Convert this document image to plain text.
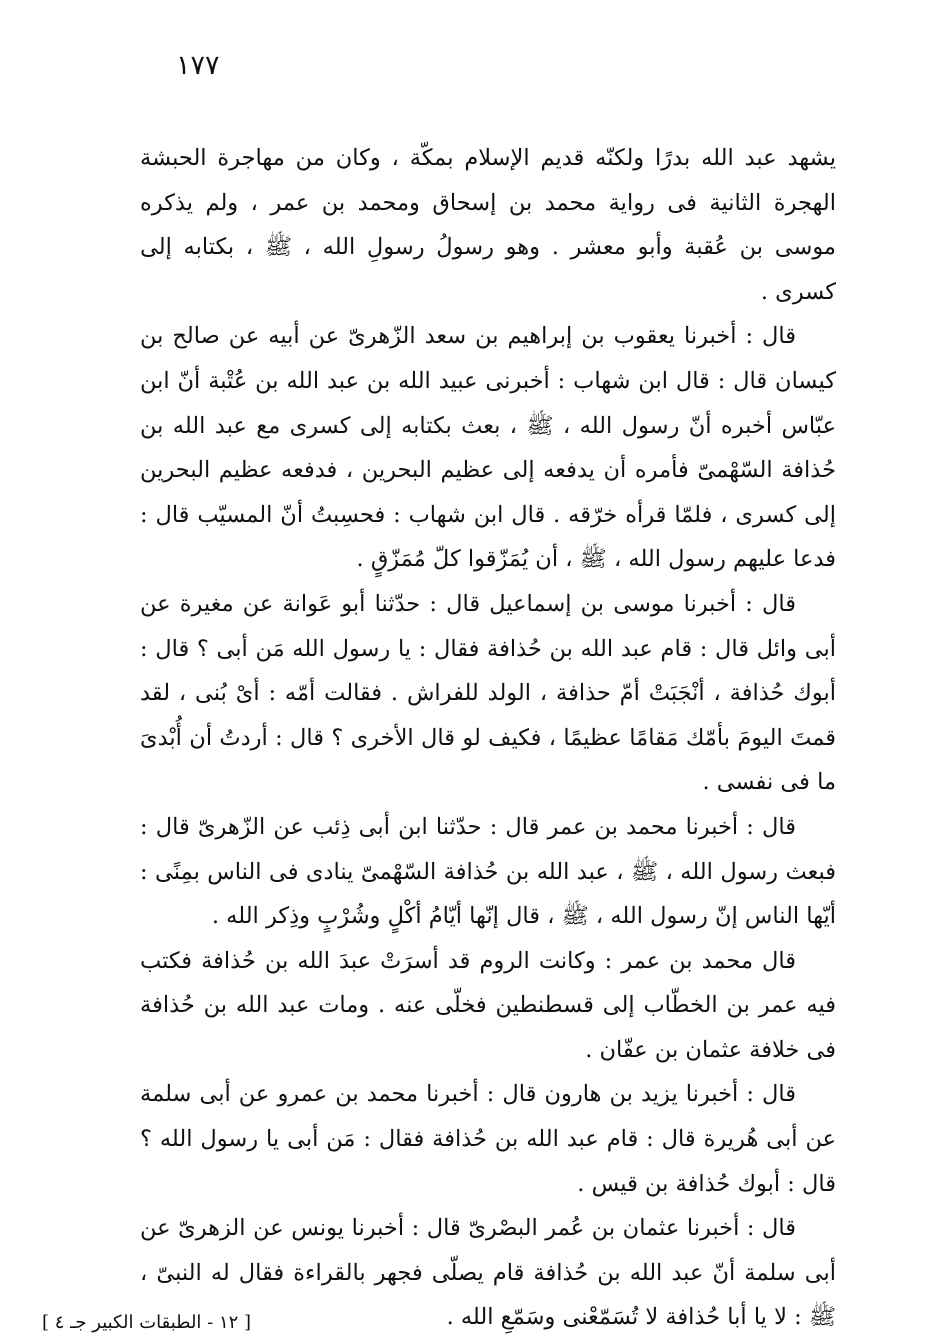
١٧٧

يشهد عبد الله بدرًا ولكنّه قديم الإسلام بمكّة ، وكان من مهاجرة الحبشة الهجرة الثانية فى رواية محمد بن إسحاق ومحمد بن عمر ، ولم يذكره موسى بن عُقبة وأبو معشر . وهو رسولُ رسولِ الله ، ﷺ ، بكتابه إلى كسرى .

قال : أخبرنا يعقوب بن إبراهيم بن سعد الزّهرىّ عن أبيه عن صالح بن كيسان قال : قال ابن شهاب : أخبرنى عبيد الله بن عبد الله بن عُتْبة أنّ ابن عبّاس أخبره أنّ رسول الله ، ﷺ ، بعث بكتابه إلى كسرى مع عبد الله بن حُذافة السّهْمىّ فأمره أن يدفعه إلى عظيم البحرين ، فدفعه عظيم البحرين إلى كسرى ، فلمّا قرأه خرّقه . قال ابن شهاب : فحسِبتُ أنّ المسيّب قال : فدعا عليهم رسول الله ، ﷺ ، أن يُمَزّقوا كلّ مُمَزّقٍ .

قال : أخبرنا موسى بن إسماعيل قال : حدّثنا أبو عَوانة عن مغيرة عن أبى وائل قال : قام عبد الله بن حُذافة فقال : يا رسول الله مَن أبى ؟ قال : أبوك حُذافة ، أنْجَبَتْ أمّ حذافة ، الولد للفراش . فقالت أمّه : أىْ بُنى ، لقد قمتَ اليومَ بأمّك مَقامًا عظيمًا ، فكيف لو قال الأخرى ؟ قال : أردتُ أن أُبْدىَ ما فى نفسى .

قال : أخبرنا محمد بن عمر قال : حدّثنا ابن أبى ذِئب عن الزّهرىّ قال : فبعث رسول الله ، ﷺ ، عبد الله بن حُذافة السّهْمىّ ينادى فى الناس بمِنًى : أيّها الناس إنّ رسول الله ، ﷺ ، قال إنّها أيّامُ أكْلٍ وشُرْبٍ وذِكر الله .

قال محمد بن عمر : وكانت الروم قد أسرَتْ عبدَ الله بن حُذافة فكتب فيه عمر بن الخطّاب إلى قسطنطين فخلّى عنه . ومات عبد الله بن حُذافة فى خلافة عثمان بن عفّان .

قال : أخبرنا يزيد بن هارون قال : أخبرنا محمد بن عمرو عن أبى سلمة عن أبى هُريرة قال : قام عبد الله بن حُذافة فقال : مَن أبى يا رسول الله ؟ قال : أبوك حُذافة بن قيس .

قال : أخبرنا عثمان بن عُمر البصْرىّ قال : أخبرنا يونس عن الزهرىّ عن أبى سلمة أنّ عبد الله بن حُذافة قام يصلّى فجهر بالقراءة فقال له النبىّ ، ﷺ : لا يا أبا حُذافة لا تُسَمّعْنى وسَمّعِ الله .

[ ١٢ - الطبقات الكبير جـ ٤ ]
